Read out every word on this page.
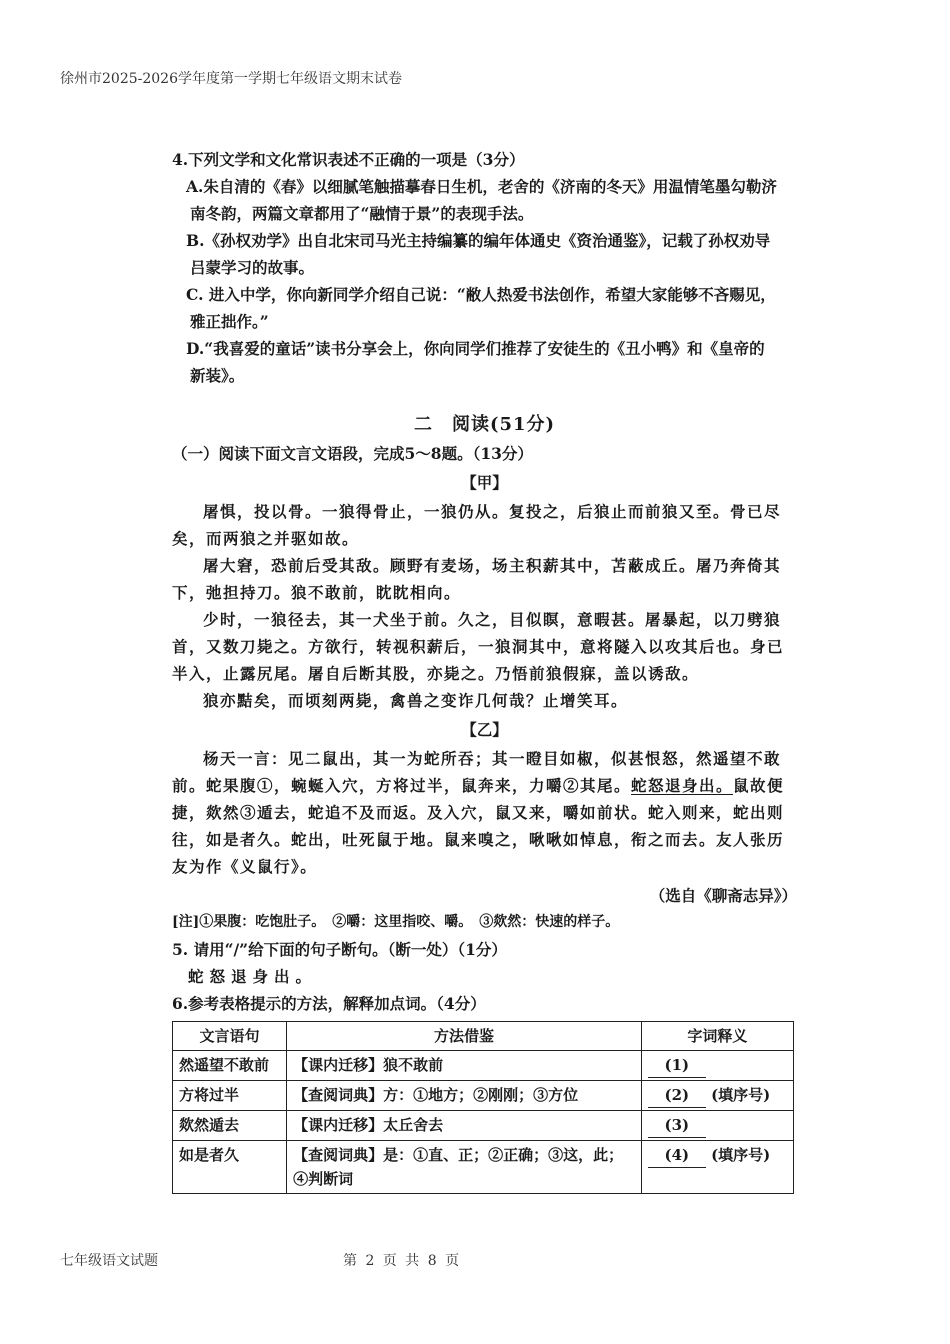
徐州市2025-2026学年度第一学期七年级语文期末试卷

4.下列文学和文化常识表述不正确的一项是（3分）

A.朱自清的《春》以细腻笔触描摹春日生机，老舍的《济南的冬天》用温情笔墨勾勒济

南冬韵，两篇文章都用了“融情于景”的表现手法。

B.《孙权劝学》出自北宋司马光主持编纂的编年体通史《资治通鉴》，记载了孙权劝导

吕蒙学习的故事。

C. 进入中学，你向新同学介绍自己说：“敝人热爱书法创作，希望大家能够不吝赐见，

雅正拙作。”

D.“我喜爱的童话”读书分享会上，你向同学们推荐了安徒生的《丑小鸭》和《皇帝的

新装》。

二　阅读(51分)

（一）阅读下面文言文语段，完成5～8题。（13分）

【甲】

屠惧，投以骨。一狼得骨止，一狼仍从。复投之，后狼止而前狼又至。骨已尽矣，而两狼之并驱如故。

屠大窘，恐前后受其敌。顾野有麦场，场主积薪其中，苫蔽成丘。屠乃奔倚其下，弛担持刀。狼不敢前，眈眈相向。

少时，一狼径去，其一犬坐于前。久之，目似瞑，意暇甚。屠暴起，以刀劈狼首，又数刀毙之。方欲行，转视积薪后，一狼洞其中，意将隧入以攻其后也。身已半入，止露尻尾。屠自后断其股，亦毙之。乃悟前狼假寐，盖以诱敌。

狼亦黠矣，而顷刻两毙，禽兽之变诈几何哉？止增笑耳。

【乙】

杨天一言：见二鼠出，其一为蛇所吞；其一瞪目如椒，似甚恨怒，然遥望不敢前。蛇果腹①，蜿蜒入穴，方将过半，鼠奔来，力嚼②其尾。蛇怒退身出。鼠故便捷，欻然③遁去，蛇追不及而返。及入穴，鼠又来，嚼如前状。蛇入则来，蛇出则往，如是者久。蛇出，吐死鼠于地。鼠来嗅之，啾啾如悼息，衔之而去。友人张历友为作《义鼠行》。

（选自《聊斋志异》）

[注]①果腹：吃饱肚子。　②嚼：这里指咬、嚼。　③欻然：快速的样子。

5. 请用“/”给下面的句子断句。（断一处）（1分）

蛇怒退身出。

6.参考表格提示的方法，解释加点词。（4分）

文言语句	方法借鉴	字词释义
然遥望不敢前	【课内迁移】狼不敢前	(1)
方将过半	【查阅词典】方：①地方；②刚刚；③方位	(2) (填序号)
欻然遁去	【课内迁移】太丘舍去	(3)
如是者久	【查阅词典】是：①直、正；②正确；③这，此；④判断词	(4) (填序号)
七年级语文试题	第 2 页 共 8 页
